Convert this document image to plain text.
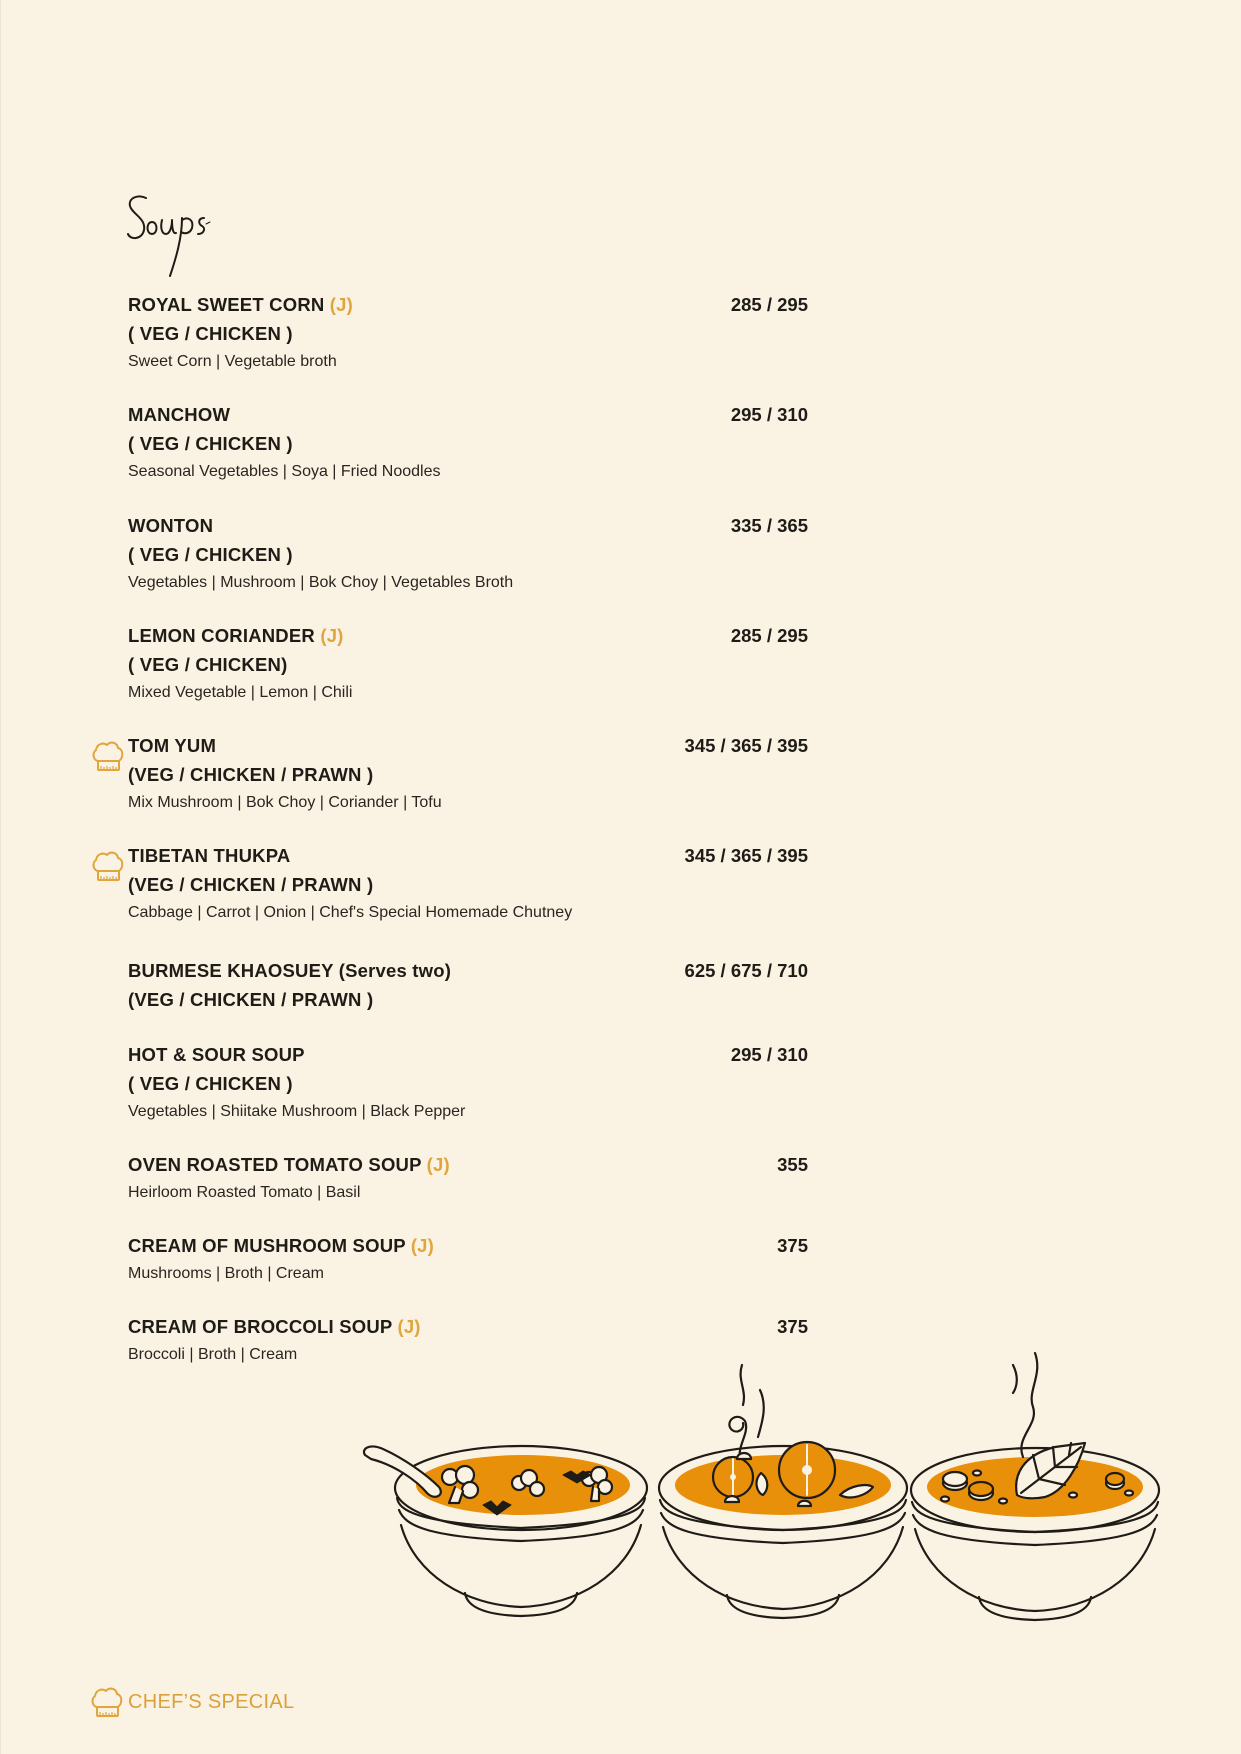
Soups
ROYAL SWEET CORN (J)
( VEG / CHICKEN )
Sweet Corn | Vegetable broth
285 / 295
MANCHOW
( VEG / CHICKEN )
Seasonal Vegetables | Soya | Fried Noodles
295 / 310
WONTON
( VEG / CHICKEN )
Vegetables | Mushroom | Bok Choy | Vegetables Broth
335 / 365
LEMON CORIANDER (J)
( VEG / CHICKEN)
Mixed Vegetable | Lemon | Chili
285 / 295
TOM YUM
(VEG / CHICKEN / PRAWN )
Mix Mushroom | Bok Choy | Coriander | Tofu
345 / 365 / 395
TIBETAN THUKPA
(VEG / CHICKEN / PRAWN )
Cabbage | Carrot | Onion | Chef's Special Homemade Chutney
345 / 365 / 395
BURMESE KHAOSUEY (Serves two)
(VEG / CHICKEN / PRAWN )
625 / 675 / 710
HOT & SOUR SOUP
( VEG / CHICKEN )
Vegetables | Shiitake Mushroom | Black Pepper
295 / 310
OVEN ROASTED TOMATO SOUP (J)
Heirloom Roasted Tomato | Basil
355
CREAM OF MUSHROOM SOUP (J)
Mushrooms | Broth | Cream
375
CREAM OF BROCCOLI SOUP (J)
Broccoli | Broth | Cream
375
CHEF’S SPECIAL
